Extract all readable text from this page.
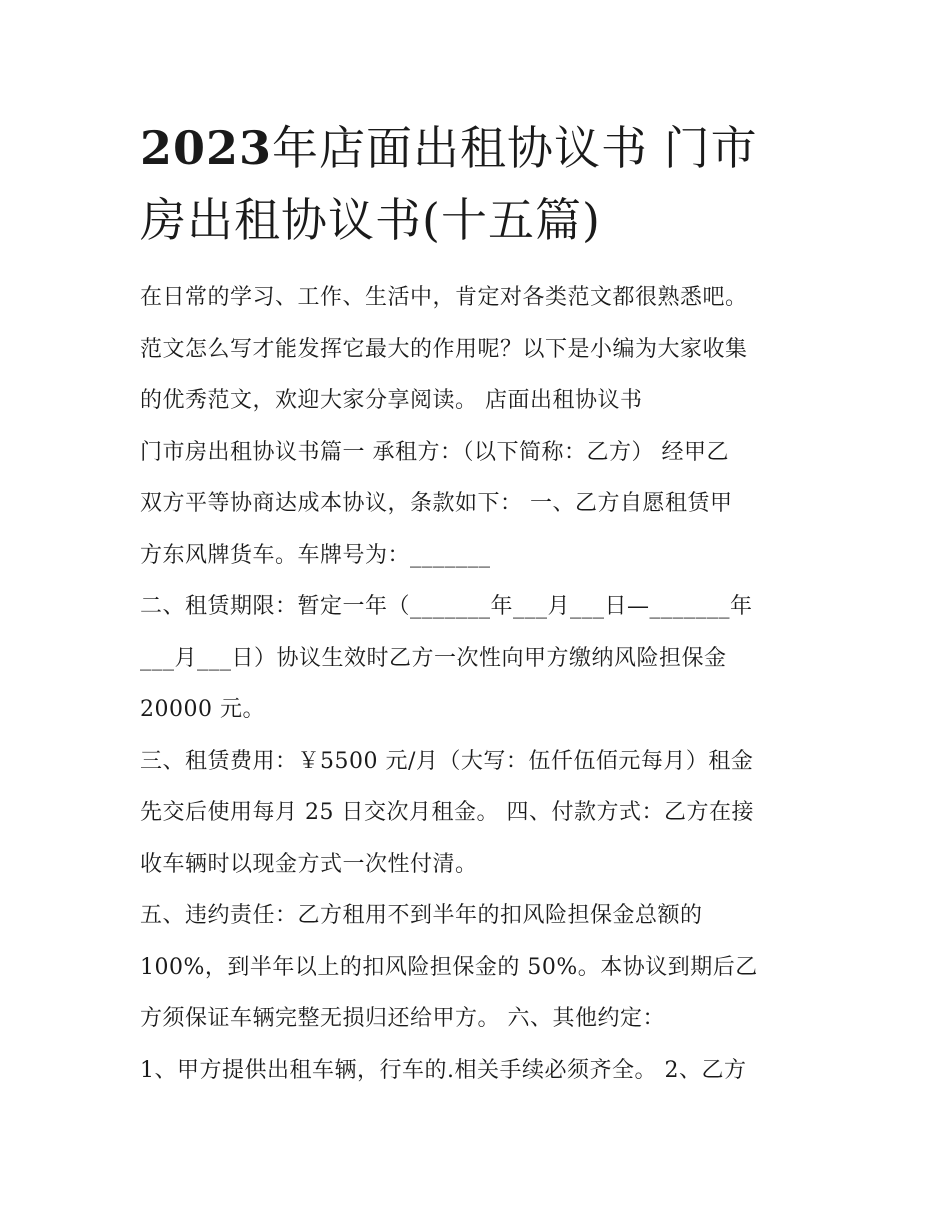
2023年店面出租协议书 门市
房出租协议书(十五篇)
在日常的学习、工作、生活中，肯定对各类范文都很熟悉吧。
范文怎么写才能发挥它最大的作用呢？以下是小编为大家收集
的优秀范文，欢迎大家分享阅读。 店面出租协议书
门市房出租协议书篇一 承租方：（以下简称：乙方） 经甲乙
双方平等协商达成本协议，条款如下： 一、乙方自愿租赁甲
方东风牌货车。车牌号为：_______
二、租赁期限：暂定一年（_______年___月___日—_______年
___月___日）协议生效时乙方一次性向甲方缴纳风险担保金
20000 元。
三、租赁费用：￥5500 元/月（大写：伍仟伍佰元每月）租金
先交后使用每月 25 日交次月租金。 四、付款方式：乙方在接
收车辆时以现金方式一次性付清。
五、违约责任：乙方租用不到半年的扣风险担保金总额的
100%，到半年以上的扣风险担保金的 50%。本协议到期后乙
方须保证车辆完整无损归还给甲方。 六、其他约定：
1、甲方提供出租车辆，行车的.相关手续必须齐全。 2、乙方
